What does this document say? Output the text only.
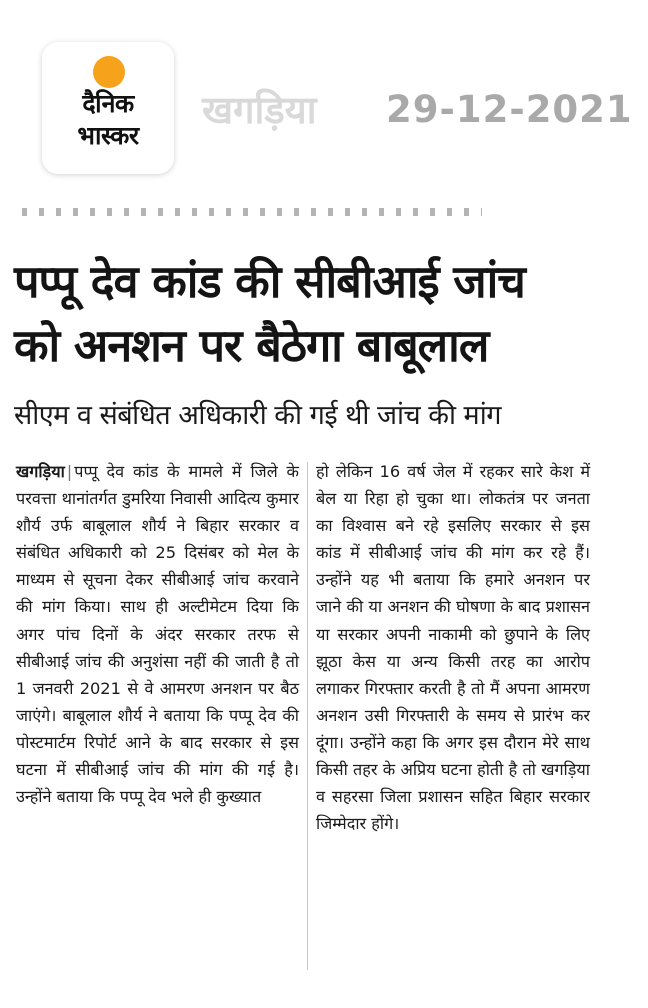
दैनिक
भास्कर
खगड़िया 29-12-2021
पप्पू देव कांड की सीबीआई जांच
को अनशन पर बैठेगा बाबूलाल
सीएम व संबंधित अधिकारी की गई थी जांच की मांग
खगड़िया | पप्पू देव कांड के मामले में जिले के परवत्ता थानांतर्गत डुमरिया निवासी आदित्य कुमार शौर्य उर्फ बाबूलाल शौर्य ने बिहार सरकार व संबंधित अधिकारी को 25 दिसंबर को मेल के माध्यम से सूचना देकर सीबीआई जांच करवाने की मांग किया। साथ ही अल्टीमेटम दिया कि अगर पांच दिनों के अंदर सरकार तरफ से सीबीआई जांच की अनुशंसा नहीं की जाती है तो 1 जनवरी 2021 से वे आमरण अनशन पर बैठ जाएंगे। बाबूलाल शौर्य ने बताया कि पप्पू देव की पोस्टमार्टम रिपोर्ट आने के बाद सरकार से इस घटना में सीबीआई जांच की मांग की गई है। उन्होंने बताया कि पप्पू देव भले ही कुख्यात
हो लेकिन 16 वर्ष जेल में रहकर सारे केश में बेल या रिहा हो चुका था। लोकतंत्र पर जनता का विश्वास बने रहे इसलिए सरकार से इस कांड में सीबीआई जांच की मांग कर रहे हैं। उन्होंने यह भी बताया कि हमारे अनशन पर जाने की या अनशन की घोषणा के बाद प्रशासन या सरकार अपनी नाकामी को छुपाने के लिए झूठा केस या अन्य किसी तरह का आरोप लगाकर गिरफ्तार करती है तो मैं अपना आमरण अनशन उसी गिरफ्तारी के समय से प्रारंभ कर दूंगा। उन्होंने कहा कि अगर इस दौरान मेरे साथ किसी तहर के अप्रिय घटना होती है तो खगड़िया व सहरसा जिला प्रशासन सहित बिहार सरकार जिम्मेदार होंगे।
